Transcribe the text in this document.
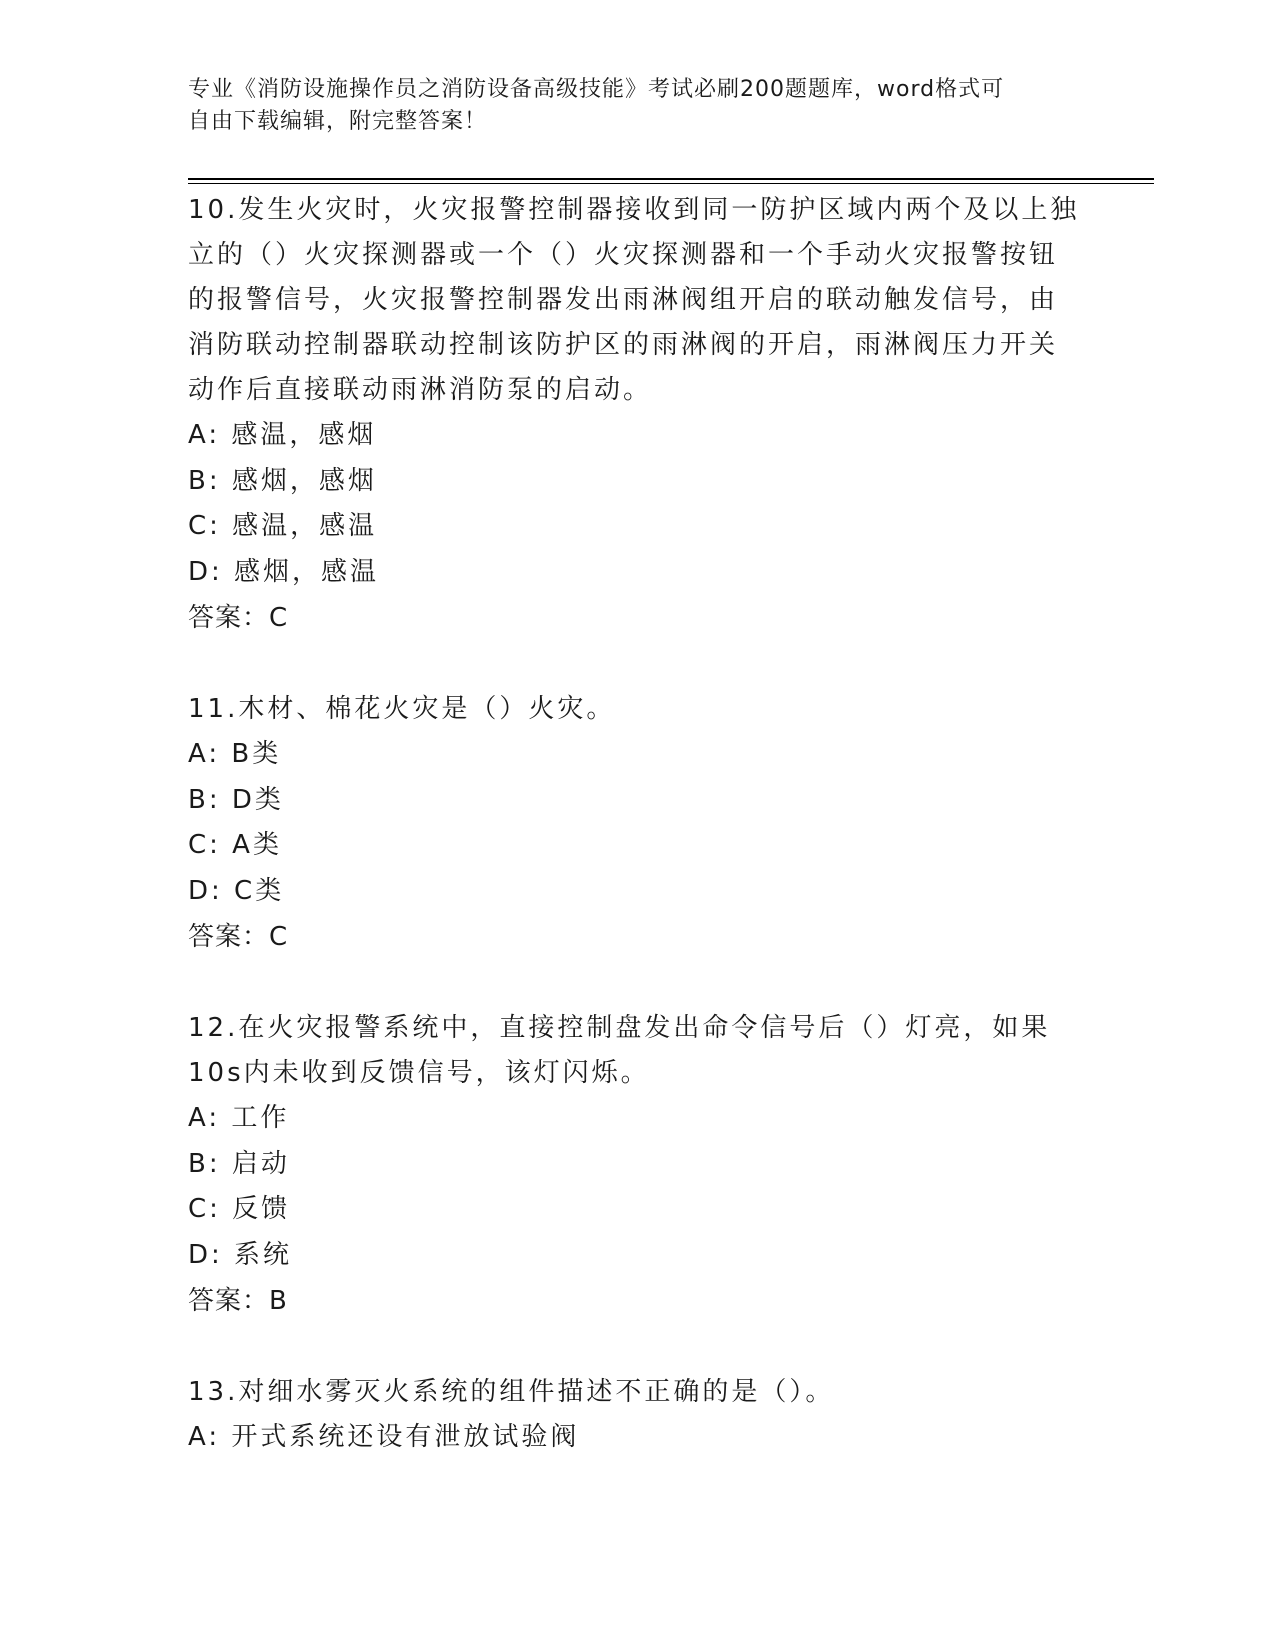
专业《消防设施操作员之消防设备高级技能》考试必刷200题题库，word格式可
自由下载编辑，附完整答案！

10.发生火灾时，火灾报警控制器接收到同一防护区域内两个及以上独

立的（）火灾探测器或一个（）火灾探测器和一个手动火灾报警按钮

的报警信号，火灾报警控制器发出雨淋阀组开启的联动触发信号，由

消防联动控制器联动控制该防护区的雨淋阀的开启，雨淋阀压力开关

动作后直接联动雨淋消防泵的启动。

A: 感温，感烟

B: 感烟，感烟

C: 感温，感温

D: 感烟，感温

答案：C

11.木材、棉花火灾是（）火灾。

A: B类

B: D类

C: A类

D: C类

答案：C

12.在火灾报警系统中，直接控制盘发出命令信号后（）灯亮，如果

10s内未收到反馈信号，该灯闪烁。

A: 工作

B: 启动

C: 反馈

D: 系统

答案：B

13.对细水雾灭火系统的组件描述不正确的是（）。

A: 开式系统还设有泄放试验阀
